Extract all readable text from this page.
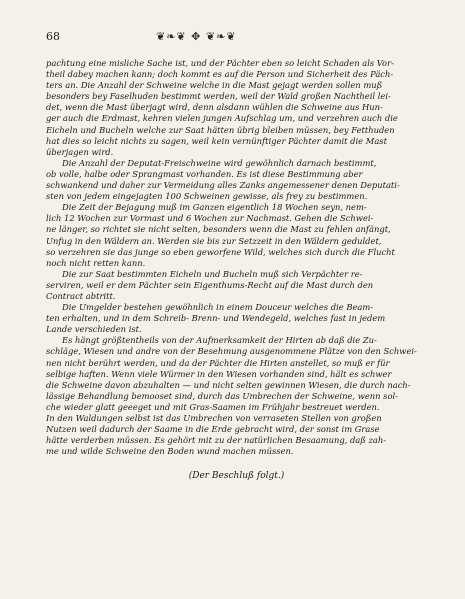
68	❦❧❦ ✥ ❦❧❦
pachtung eine misliche Sache ist, und der Pächter eben so leicht Schaden als Vor-
theil dabey machen kann; doch kommt es auf die Person und Sicherheit des Päch-
ters an. Die Anzahl der Schweine welche in die Mast gejagt werden sollen muß
besonders bey Faselhuden bestimmt werden, weil der Wald großen Nachtheil lei-
det, wenn die Mast überjagt wird, denn alsdann wühlen die Schweine aus Hun-
ger auch die Erdmast, kehren vielen jungen Aufschlag um, und verzehren auch die
Eicheln und Bucheln welche zur Saat hätten übrig bleiben müssen, bey Fetthuden
hat dies so leicht nichts zu sagen, weil kein vernünftiger Pächter damit die Mast
überjagen wird.
Die Anzahl der Deputat-Freischweine wird gewöhnlich darnach bestimmt,
ob volle, halbe oder Sprangmast vorhanden. Es ist diese Bestimmung aber
schwankend und daher zur Vermeidung alles Zanks angemessener denen Deputati-
sten von jedem eingejagten 100 Schweinen gewisse, als frey zu bestimmen.
Die Zeit der Bejagung muß im Ganzen eigentlich 18 Wochen seyn, nem-
lich 12 Wochen zur Vormast und 6 Wochen zur Nachmast. Gehen die Schwei-
ne länger, so richtet sie nicht selten, besonders wenn die Mast zu fehlen anfängt,
Unfug in den Wäldern an. Werden sie bis zur Setzzeit in den Wäldern geduldet,
so verzehren sie das junge so eben geworfene Wild, welches sich durch die Flucht
noch nicht retten kann.
Die zur Saat bestimmten Eicheln und Bucheln muß sich Verpächter re-
serviren, weil er dem Pächter sein Eigenthums-Recht auf die Mast durch den
Contract abtritt.
Die Umgelder bestehen gewöhnlich in einem Douceur welches die Beam-
ten erhalten, und in dem Schreib- Brenn- und Wendegeld, welches fast in jedem
Lande verschieden ist.
Es hängt größtentheils von der Aufmerksamkeit der Hirten ab daß die Zu-
schläge, Wiesen und andre von der Besehmung ausgenommene Plätze von den Schwei-
nen nicht berührt werden, und da der Pächter die Hirten anstellet, so muß er für
selbige haften. Wenn viele Würmer in den Wiesen vorhanden sind, hält es schwer
die Schweine davon abzuhalten — und nicht selten gewinnen Wiesen, die durch nach-
lässige Behandlung bemooset sind, durch das Umbrechen der Schweine, wenn sol-
che wieder glatt geeeget und mit Gras-Saamen im Frühjahr bestreuet werden.
In den Waldungen selbst ist das Umbrechen von verraseten Stellen von großen
Nutzen weil dadurch der Saame in die Erde gebracht wird, der sonst im Grase
hätte verderben müssen. Es gehört mit zu der natürlichen Besaamung, daß zah-
me und wilde Schweine den Boden wund machen müssen.
(Der Beschluß folgt.)
